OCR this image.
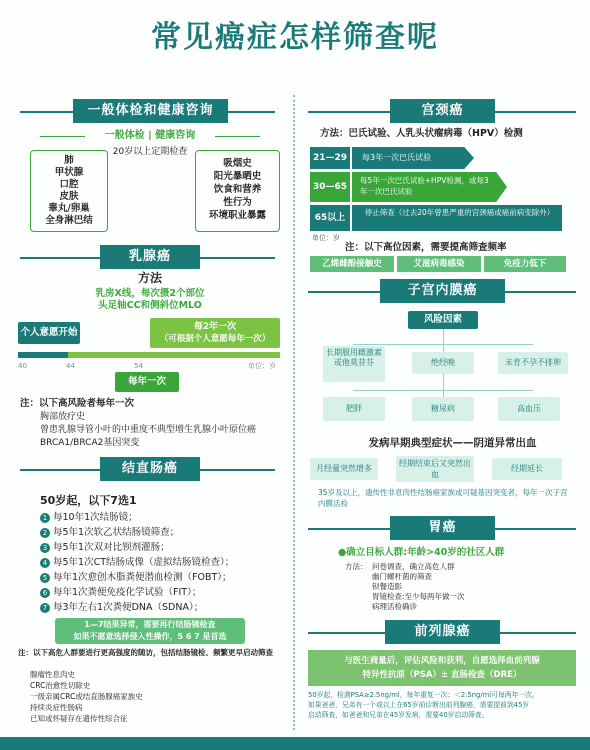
常见癌症怎样筛查呢
一般体检和健康咨询
一般体检 | 健康咨询
20岁以上定期检查
肺
甲状腺
口腔
皮肤
睾丸/卵巢
全身淋巴结
吸烟史
阳光暴晒史
饮食和营养
性行为
环境职业暴露
乳腺癌
方法
乳房X线，每次摄2个部位
头足轴CC和侧斜位MLO
个人意愿开始	每2年一次
（可根据个人意愿每年一次）
40	44	54	单位：岁
每年一次
注：以下高风险者每年一次
胸部放疗史
曾患乳腺导管小叶的中重度不典型增生乳腺小叶原位癌
BRCA1/BRCA2基因突变
结直肠癌
50岁起，以下7选1
1 每10年1次结肠镜；
2 每5年1次软乙状结肠镜筛查；
3 每5年1次双对比钡剂灌肠；
4 每5年1次CT结肠成像（虚拟结肠镜检查）；
5 每年1次愈创木脂粪便潜血检测（FOBT）；
6 每年1次粪便免疫化学试验（FIT）；
7 每3年左右1次粪便DNA（SDNA）；
1—7结果异常，需要再行结肠镜检查
如果不愿意选择侵入性操作，5 6 7 是首选
注：以下高危人群要进行更高强度的随访，包括结肠镜检、频繁更早启动筛查
腺瘤性息肉史
CRC治愈性切除史
一级亲属CRC或结直肠腺癌家族史
持续炎症性肠病
已知或怀疑存在遗传性综合征
宫颈癌
方法：巴氏试验、人乳头状瘤病毒（HPV）检测
21—29	每3年一次巴氏试验
30—65
每5年一次巴氏试验+HPV检测，或每3年一次巴氏试验
65以上
停止筛查（过去20年曾患严重的宫颈癌或癌前病变除外）
单位：岁
注：以下高位因素，需要提高筛查频率
乙烯雌酚接触史	艾滋病毒感染	免疫力低下
子宫内膜癌
风险因素
长期服用雌激素或他莫昔芬	绝经晚	未育不孕不排卵
肥胖	糖尿病	高血压
发病早期典型症状——阴道异常出血
月经量突然增多
经期结束后又突然出血
经期延长
35岁及以上，遗传性非息肉性结肠癌家族或可疑基因突变者，每年一次子宫内膜活检
胃癌
●确立目标人群:年龄>40岁的社区人群
方法： 问卷调查，确立高危人群
幽门螺杆菌的筛查
钡餐造影
胃镜检查:至少每两年做一次
病理活检确诊
前列腺癌
与医生商量后，评估风险和获利，自愿选择血前列腺
特异性抗原（PSA）± 直肠检查（DRE）
50岁起，检测PSA≥2.5ng/ml，每年重复一次；＜2.5ng/ml可每两年一次。
如果爸爸、兄弟有一个或以上在65岁前诊断出前列腺癌，需要提前到45岁
启动筛查，如爸爸和兄弟在45岁发病，需要40岁启动筛查。
